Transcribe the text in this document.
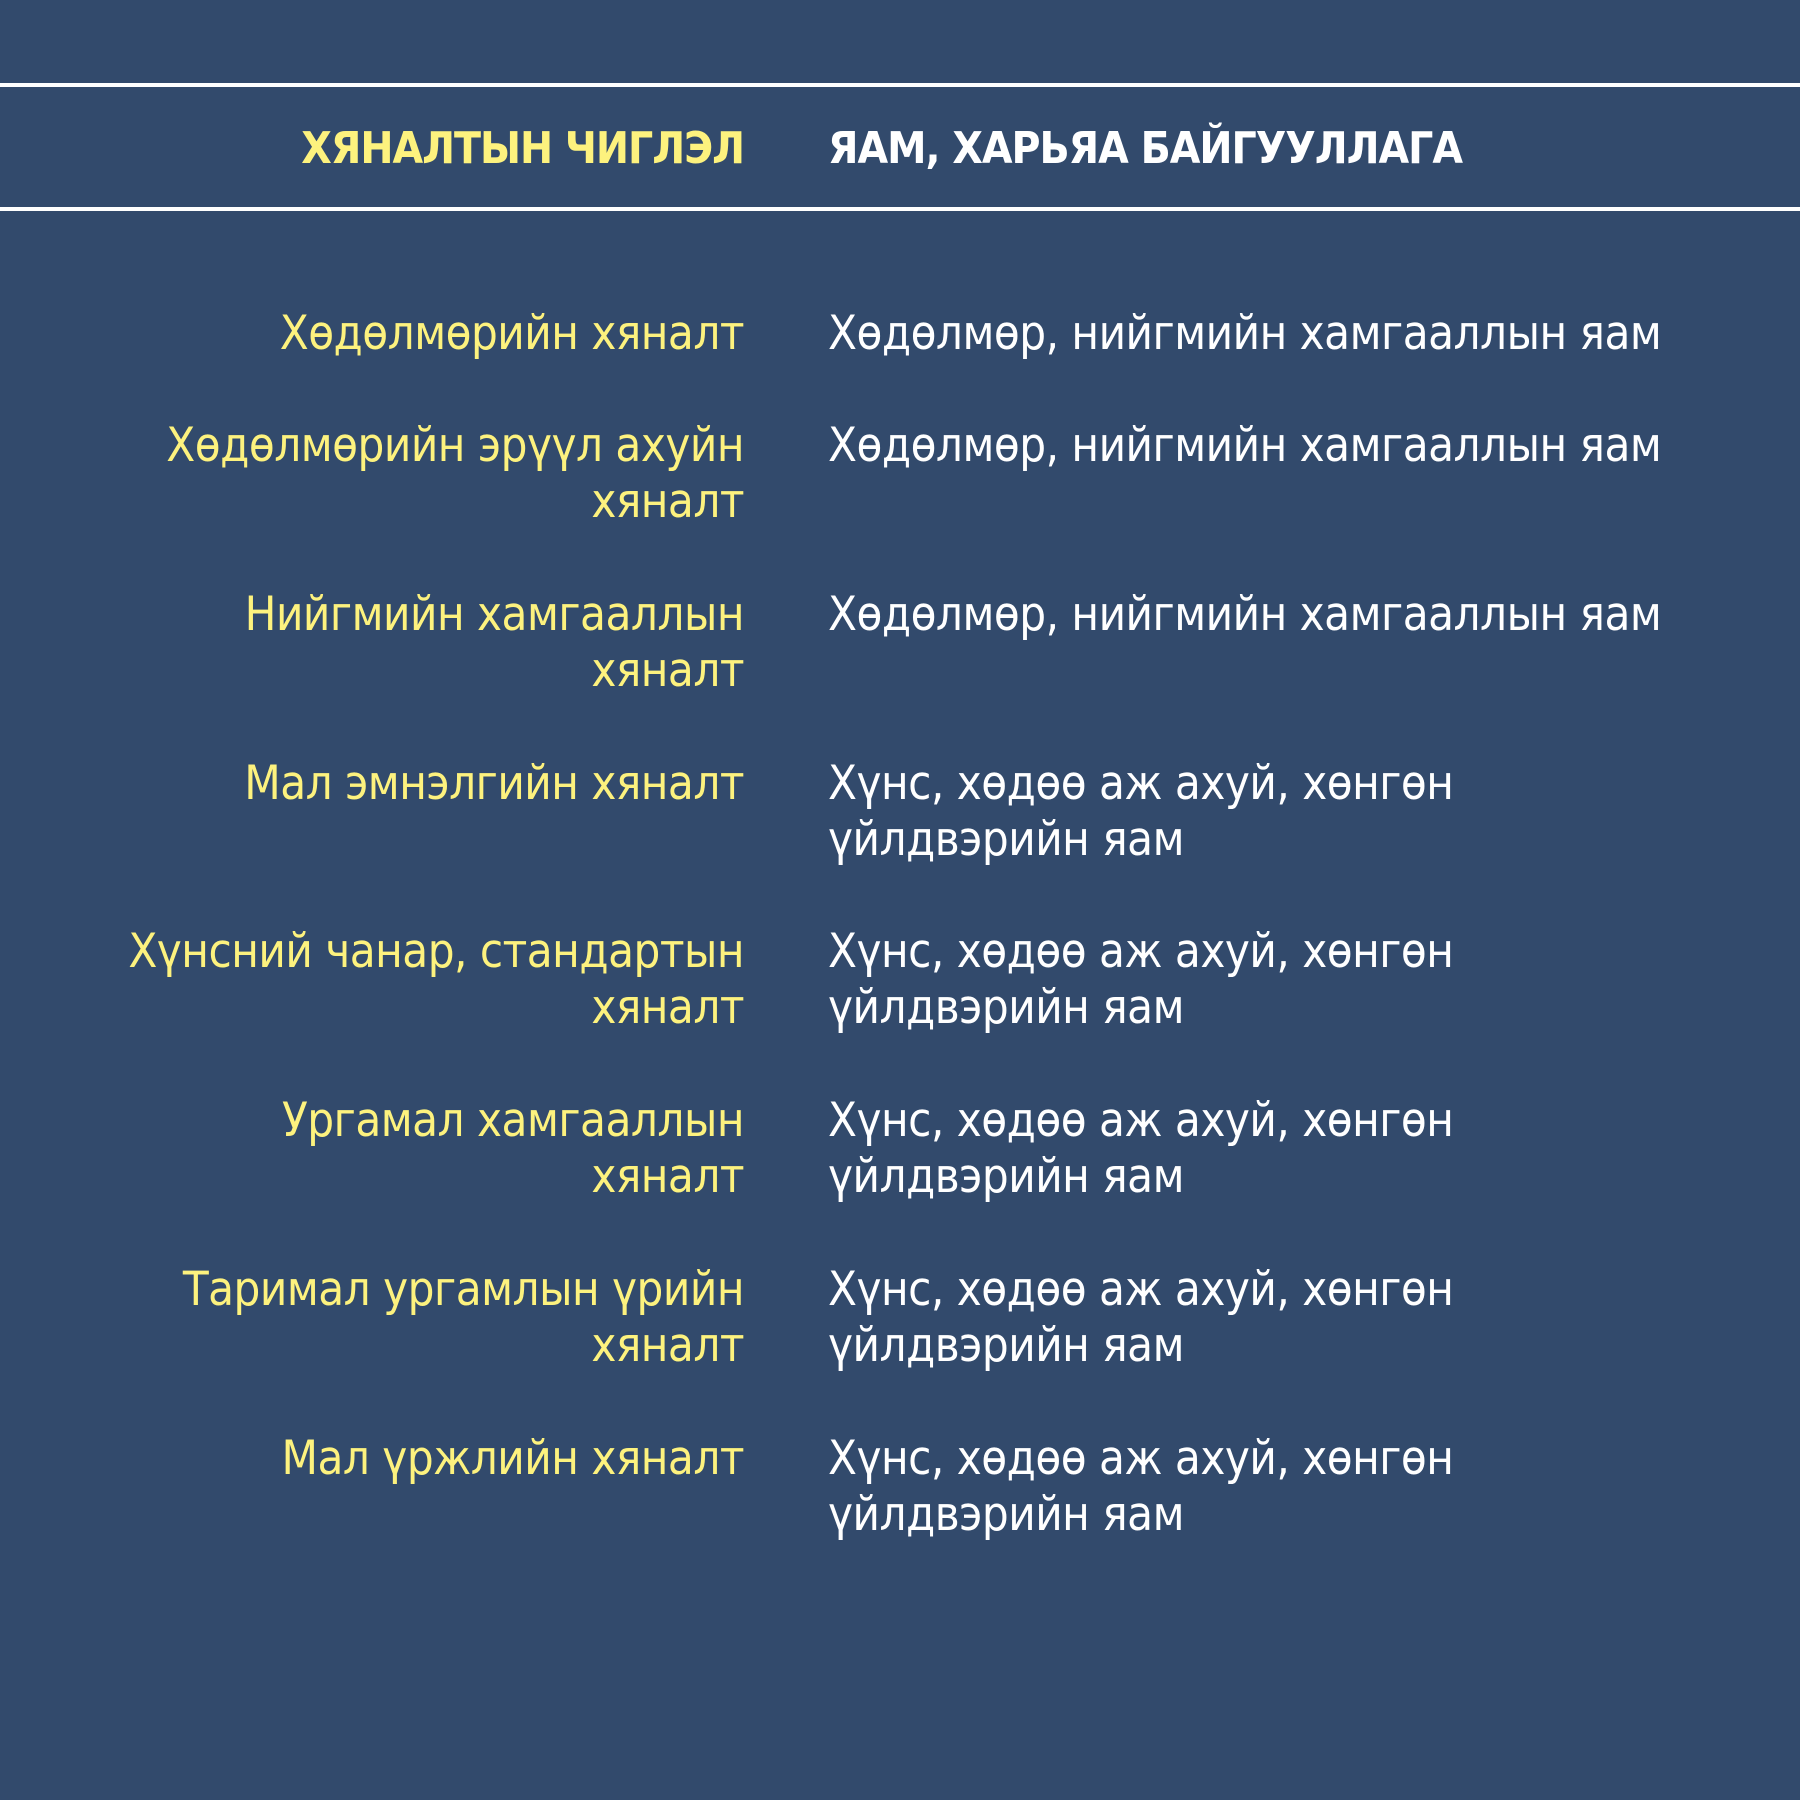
ХЯНАЛТЫН ЧИГЛЭЛ ЯАМ, ХАРЬЯА БАЙГУУЛЛАГА
Хөдөлмөрийн хяналт Хөдөлмөр, нийгмийн хамгааллын яам
Хөдөлмөрийн эрүүл ахуйн хяналт
Хөдөлмөр, нийгмийн хамгааллын яам
Нийгмийн хамгааллын хяналт
Хөдөлмөр, нийгмийн хамгааллын яам
Мал эмнэлгийн хяналт Хүнс, хөдөө аж ахуй, хөнгөн үйлдвэрийн яам
Хүнсний чанар, стандартын хяналт
Хүнс, хөдөө аж ахуй, хөнгөн үйлдвэрийн яам
Ургамал хамгааллын хяналт
Хүнс, хөдөө аж ахуй, хөнгөн үйлдвэрийн яам
Таримал ургамлын үрийн хяналт
Хүнс, хөдөө аж ахуй, хөнгөн үйлдвэрийн яам
Мал үржлийн хяналт Хүнс, хөдөө аж ахуй, хөнгөн үйлдвэрийн яам
